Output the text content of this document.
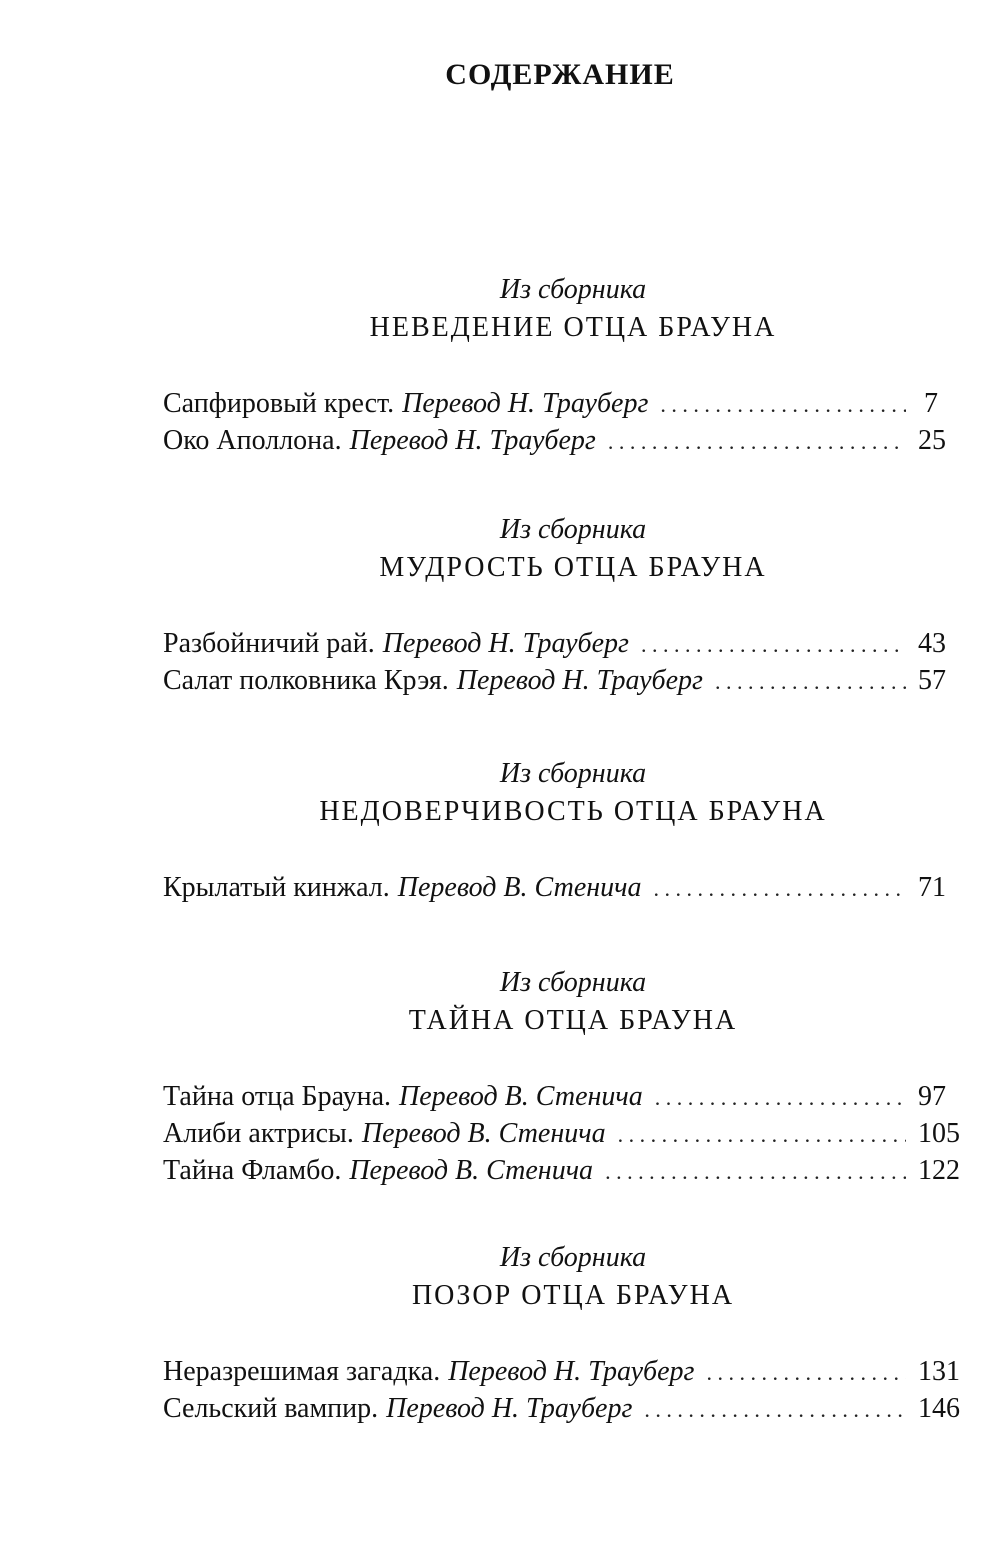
СОДЕРЖАНИЕ
Из сборника
НЕВЕДЕНИЕ ОТЦА БРАУНА
Сапфировый крест. Перевод Н. Трауберг . . .	7
Око Аполлона. Перевод Н. Трауберг . . .	25
Из сборника
МУДРОСТЬ ОТЦА БРАУНА
Разбойничий рай. Перевод Н. Трауберг . . .	43
Салат полковника Крэя. Перевод Н. Трауберг . . .	57
Из сборника
НЕДОВЕРЧИВОСТЬ ОТЦА БРАУНА
Крылатый кинжал. Перевод В. Стенича . . .	71
Из сборника
ТАЙНА ОТЦА БРАУНА
Тайна отца Брауна. Перевод В. Стенича . . .	97
Алиби актрисы. Перевод В. Стенича . . .	105
Тайна Фламбо. Перевод В. Стенича . . .	122
Из сборника
ПОЗОР ОТЦА БРАУНА
Неразрешимая загадка. Перевод Н. Трауберг . . .	131
Сельский вампир. Перевод Н. Трауберг . . .	146
